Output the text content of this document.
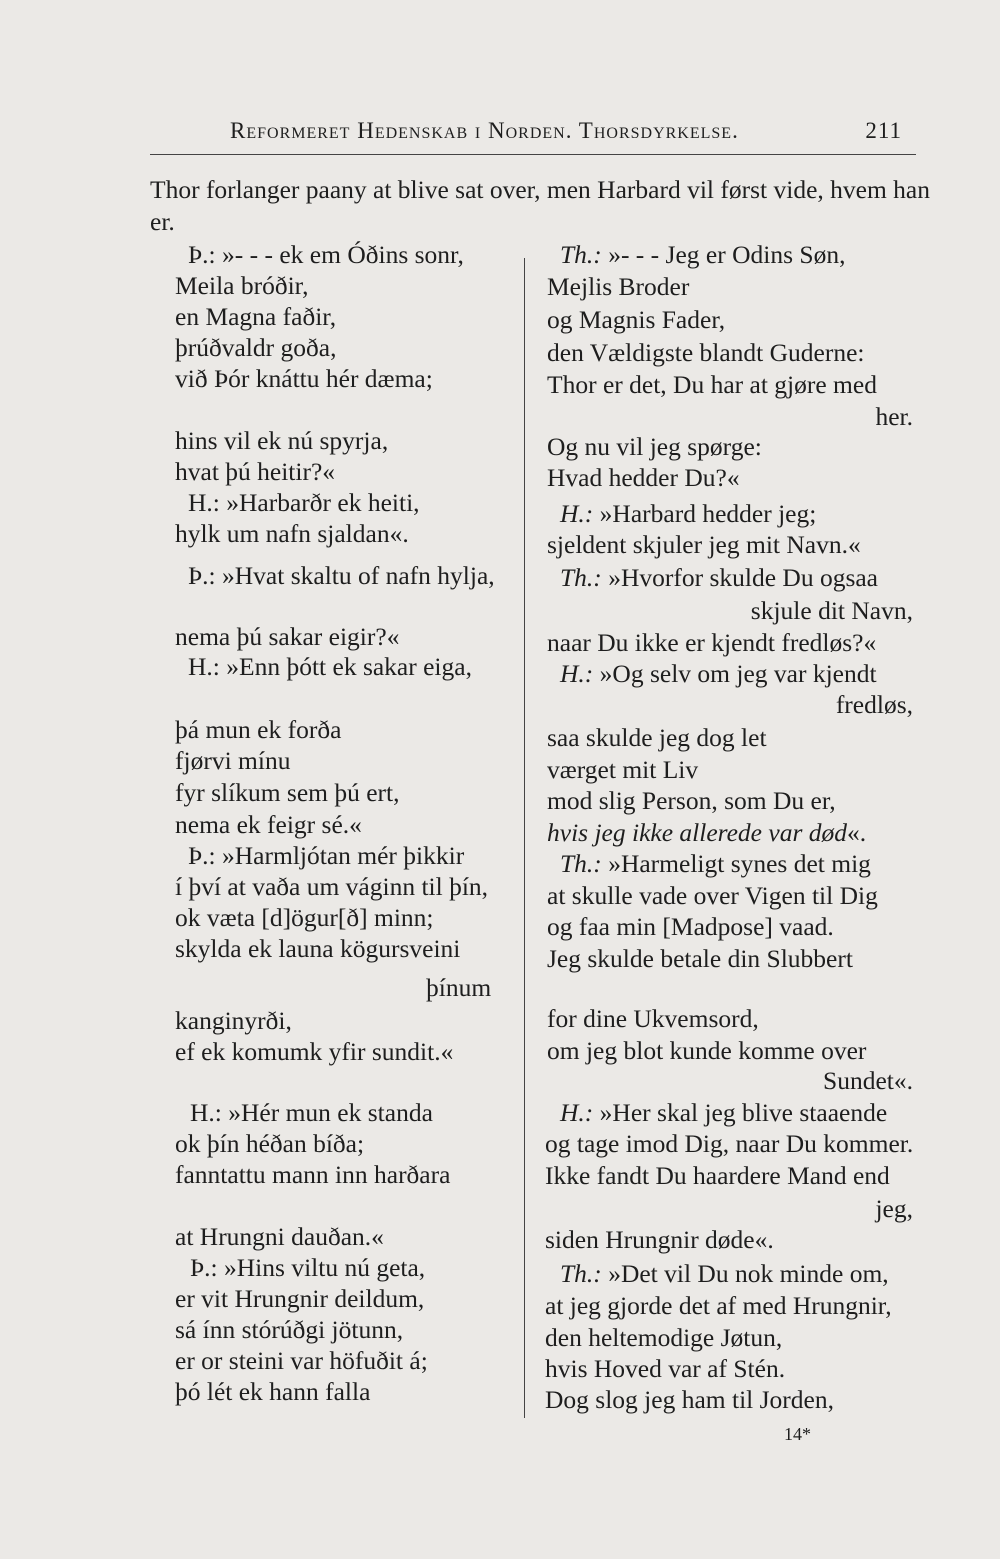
Reformeret Hedenskab i Norden. Thorsdyrkelse.	211
Thor forlanger paany at blive sat over, men Harbard vil først vide, hvem han er.
Þ.: »- - - ek em Óðins sonr,
Meila bróðir,
en Magna faðir,
þrúðvaldr goða,
við Þór knáttu hér dæma;
hins vil ek nú spyrja,
hvat þú heitir?«
H.: »Harbarðr ek heiti,
hylk um nafn sjaldan«.
Þ.: »Hvat skaltu of nafn hylja,
nema þú sakar eigir?«
H.: »Enn þótt ek sakar eiga,
þá mun ek forða
fjørvi mínu
fyr slíkum sem þú ert,
nema ek feigr sé.«
Þ.: »Harmljótan mér þikkir
í því at vaða um váginn til þín,
ok væta [d]ögur[ð] minn;
skylda ek launa kögursveini
þínum
kanginyrði,
ef ek komumk yfir sundit.«
H.: »Hér mun ek standa
ok þín héðan bíða;
fanntattu mann inn harðara
at Hrungni dauðan.«
Þ.: »Hins viltu nú geta,
er vit Hrungnir deildum,
sá ínn stórúðgi jötunn,
er or steini var höfuðit á;
þó lét ek hann falla
Th.: »- - - Jeg er Odins Søn,
Mejlis Broder
og Magnis Fader,
den Vældigste blandt Guderne:
Thor er det, Du har at gjøre med
her.
Og nu vil jeg spørge:
Hvad hedder Du?«
H.: »Harbard hedder jeg;
sjeldent skjuler jeg mit Navn.«
Th.: »Hvorfor skulde Du ogsaa
skjule dit Navn,
naar Du ikke er kjendt fredløs?«
H.: »Og selv om jeg var kjendt
fredløs,
saa skulde jeg dog let
værget mit Liv
mod slig Person, som Du er,
hvis jeg ikke allerede var død«.
Th.: »Harmeligt synes det mig
at skulle vade over Vigen til Dig
og faa min [Madpose] vaad.
Jeg skulde betale din Slubbert
for dine Ukvemsord,
om jeg blot kunde komme over
Sundet«.
H.: »Her skal jeg blive staaende
og tage imod Dig, naar Du kommer.
Ikke fandt Du haardere Mand end
jeg,
siden Hrungnir døde«.
Th.: »Det vil Du nok minde om,
at jeg gjorde det af med Hrungnir,
den heltemodige Jøtun,
hvis Hoved var af Stén.
Dog slog jeg ham til Jorden,
14*
